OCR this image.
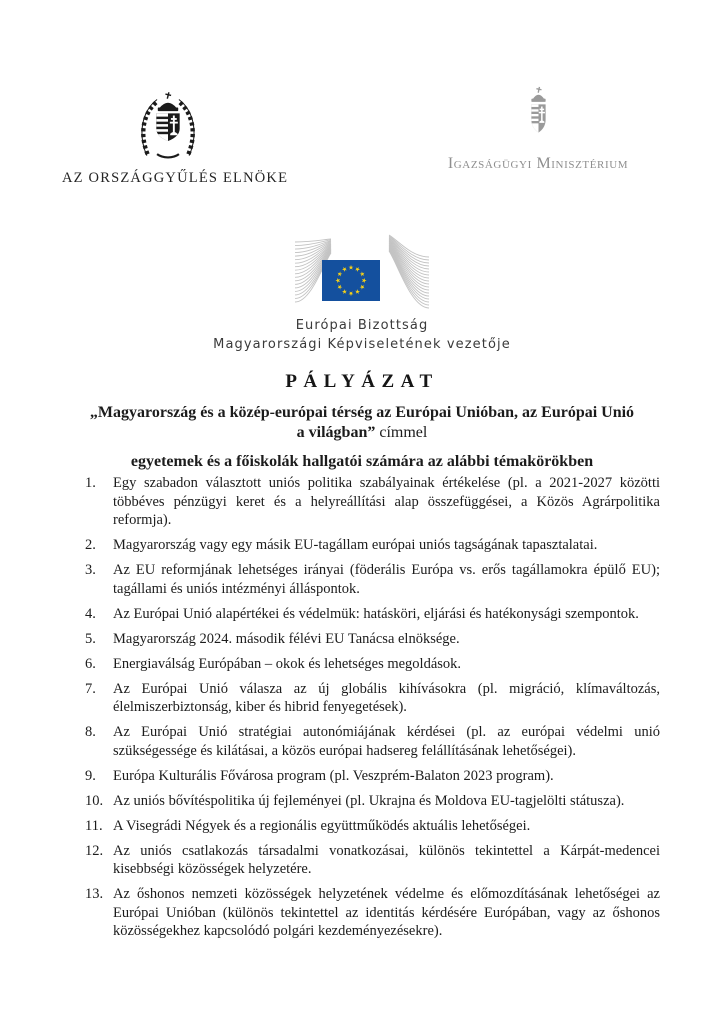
AZ ORSZÁGGYŰLÉS ELNÖKE
Igazságügyi Minisztérium
Európai Bizottság
Magyarországi Képviseletének vezetője
PÁLYÁZAT

„Magyarország és a közép-európai térség az Európai Unióban, az Európai Unió
a világban” címmel

egyetemek és a főiskolák hallgatói számára az alábbi témakörökben

1.	Egy szabadon választott uniós politika szabályainak értékelése (pl. a 2021-2027 közötti többéves pénzügyi keret és a helyreállítási alap összefüggései, a Közös Agrárpolitika reformja).
2.	Magyarország vagy egy másik EU-tagállam európai uniós tagságának tapasztalatai.
3.	Az EU reformjának lehetséges irányai (föderális Európa vs. erős tagállamokra épülő EU); tagállami és uniós intézményi álláspontok.
4.	Az Európai Unió alapértékei és védelmük: hatásköri, eljárási és hatékonysági szempontok.
5.	Magyarország 2024. második félévi EU Tanácsa elnöksége.
6.	Energiaválság Európában – okok és lehetséges megoldások.
7.	Az Európai Unió válasza az új globális kihívásokra (pl. migráció, klímaváltozás, élelmiszerbiztonság, kiber és hibrid fenyegetések).
8.	Az Európai Unió stratégiai autonómiájának kérdései (pl. az európai védelmi unió szükségessége és kilátásai, a közös európai hadsereg felállításának lehetőségei).
9.	Európa Kulturális Fővárosa program (pl. Veszprém-Balaton 2023 program).
10. Az uniós bővítéspolitika új fejleményei (pl. Ukrajna és Moldova EU-tagjelölti státusza).
11. A Visegrádi Négyek és a regionális együttműködés aktuális lehetőségei.
12. Az uniós csatlakozás társadalmi vonatkozásai, különös tekintettel a Kárpát-medencei kisebbségi közösségek helyzetére.
13. Az őshonos nemzeti közösségek helyzetének védelme és előmozdításának lehetőségei az Európai Unióban (különös tekintettel az identitás kérdésére Európában, vagy az őshonos közösségekhez kapcsolódó polgári kezdeményezésekre).
